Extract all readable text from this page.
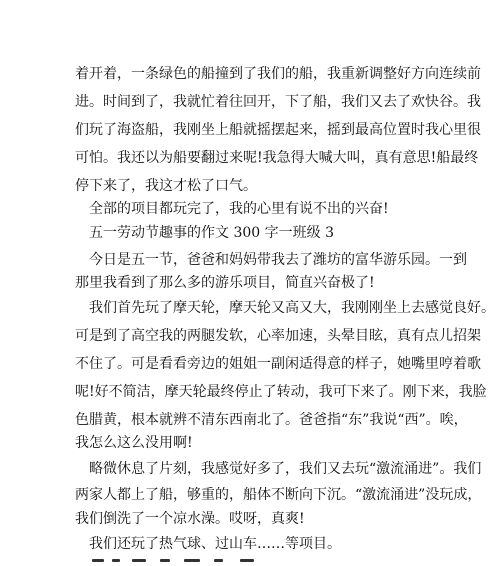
着开着，一条绿色的船撞到了我们的船，我重新调整好方向连续前
进。时间到了，我就忙着往回开，下了船，我们又去了欢快谷。我
们玩了海盗船，我刚坐上船就摇摆起来，摇到最高位置时我心里很
可怕。我还以为船要翻过来呢!我急得大喊大叫，真有意思!船最终
停下来了，我这才松了口气。
全部的项目都玩完了，我的心里有说不出的兴奋!
五一劳动节趣事的作文 300 字一班级 3
今日是五一节，爸爸和妈妈带我去了潍坊的富华游乐园。一到
那里我看到了那么多的游乐项目，简直兴奋极了!
我们首先玩了摩天轮，摩天轮又高又大，我刚刚坐上去感觉良好。
可是到了高空我的两腿发软，心率加速，头晕目眩，真有点儿招架
不住了。可是看看旁边的姐姐一副闲适得意的样子，她嘴里哼着歌
呢!好不简洁，摩天轮最终停止了转动，我可下来了。刚下来，我脸
色腊黄，根本就辨不清东西南北了。爸爸指“东”我说“西”。唉，
我怎么这么没用啊!
略微休息了片刻，我感觉好多了，我们又去玩“激流涌进”。我们
两家人都上了船，够重的，船体不断向下沉。“激流涌进”没玩成，
我们倒洗了一个凉水澡。哎呀，真爽!
我们还玩了热气球、过山车……等项目。
